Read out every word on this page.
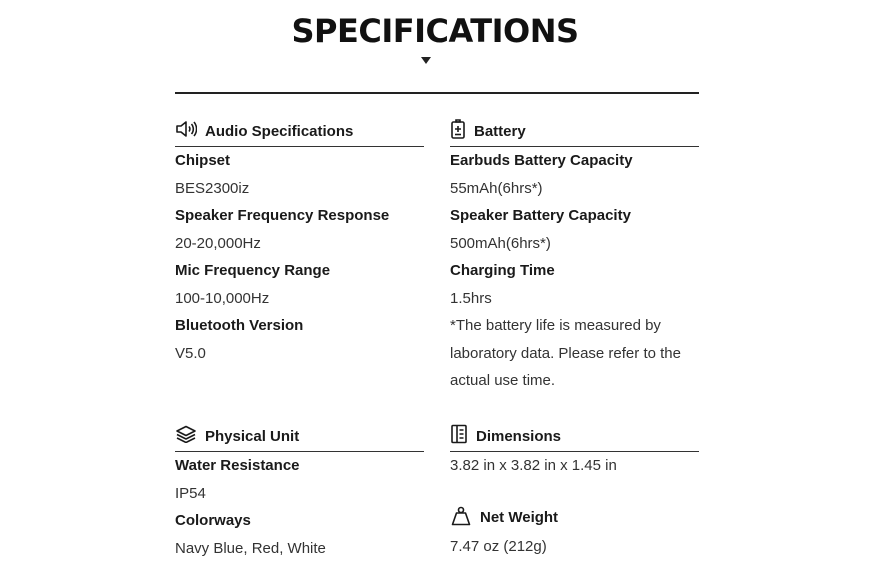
SPECIFICATIONS
Audio Specifications
Chipset
BES2300iz
Speaker Frequency Response
20-20,000Hz
Mic Frequency Range
100-10,000Hz
Bluetooth Version
V5.0
Battery
Earbuds Battery Capacity
55mAh(6hrs*)
Speaker Battery Capacity
500mAh(6hrs*)
Charging Time
1.5hrs
*The battery life is measured by laboratory data. Please refer to the actual use time.
Physical Unit
Water Resistance
IP54
Colorways
Navy Blue, Red, White
Dimensions
3.82 in x 3.82 in x 1.45 in
Net Weight
7.47 oz (212g)
